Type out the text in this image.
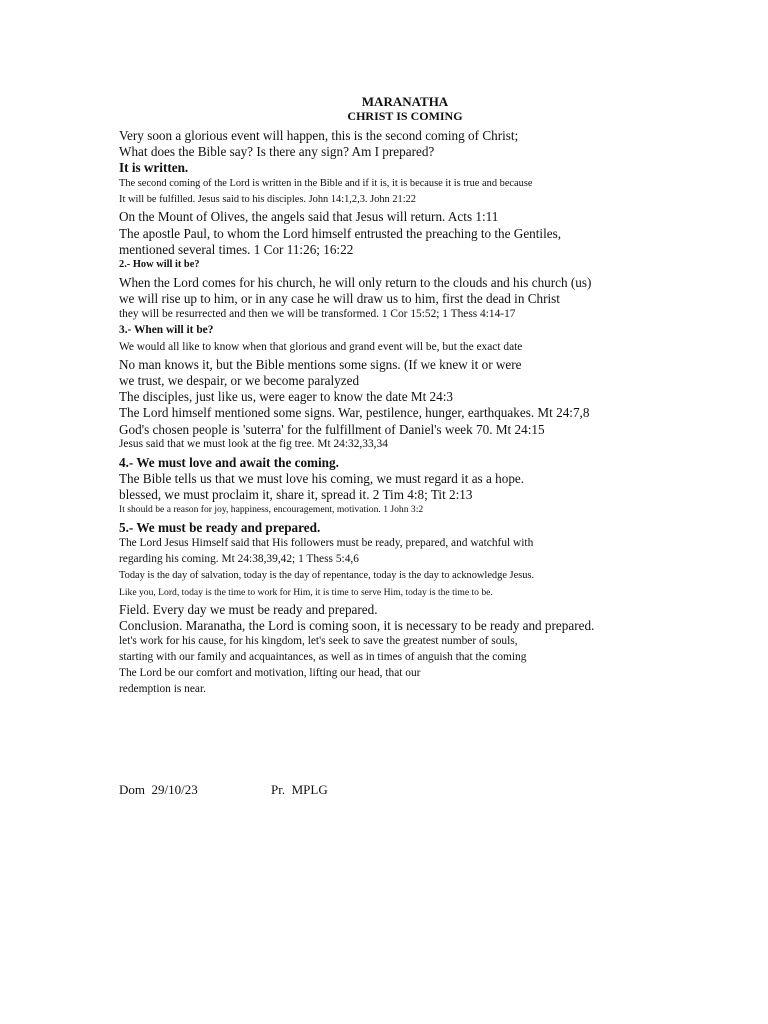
MARANATHA
CHRIST IS COMING
Very soon a glorious event will happen, this is the second coming of Christ;
What does the Bible say? Is there any sign? Am I prepared?
It is written.
The second coming of the Lord is written in the Bible and if it is, it is because it is true and because
It will be fulfilled. Jesus said to his disciples. John 14:1,2,3. John 21:22
On the Mount of Olives, the angels said that Jesus will return. Acts 1:11
The apostle Paul, to whom the Lord himself entrusted the preaching to the Gentiles,
mentioned several times. 1 Cor 11:26; 16:22
2.- How will it be?
When the Lord comes for his church, he will only return to the clouds and his church (us)
we will rise up to him, or in any case he will draw us to him, first the dead in Christ
they will be resurrected and then we will be transformed. 1 Cor 15:52; 1 Thess 4:14-17
3.- When will it be?
We would all like to know when that glorious and grand event will be, but the exact date
No man knows it, but the Bible mentions some signs. (If we knew it or were
we trust, we despair, or we become paralyzed
The disciples, just like us, were eager to know the date Mt 24:3
The Lord himself mentioned some signs. War, pestilence, hunger, earthquakes. Mt 24:7,8
God's chosen people is 'suterra' for the fulfillment of Daniel's week 70. Mt 24:15
Jesus said that we must look at the fig tree. Mt 24:32,33,34
4.- We must love and await the coming.
The Bible tells us that we must love his coming, we must regard it as a hope.
blessed, we must proclaim it, share it, spread it. 2 Tim 4:8; Tit 2:13
It should be a reason for joy, happiness, encouragement, motivation. 1 John 3:2
5.- We must be ready and prepared.
The Lord Jesus Himself said that His followers must be ready, prepared, and watchful with
regarding his coming. Mt 24:38,39,42; 1 Thess 5:4,6
Today is the day of salvation, today is the day of repentance, today is the day to acknowledge Jesus.
Like you, Lord, today is the time to work for Him, it is time to serve Him, today is the time to be.
Field. Every day we must be ready and prepared.
Conclusion. Maranatha, the Lord is coming soon, it is necessary to be ready and prepared.
let's work for his cause, for his kingdom, let's seek to save the greatest number of souls,
starting with our family and acquaintances, as well as in times of anguish that the coming
The Lord be our comfort and motivation, lifting our head, that our
redemption is near.
Dom  29/10/23	Pr.  MPLG
